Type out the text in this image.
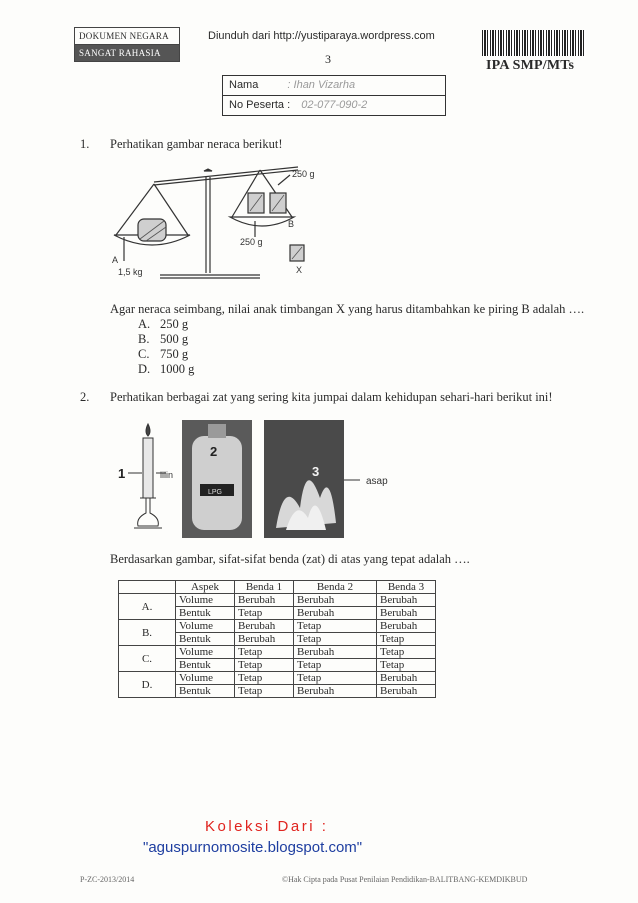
DOKUMEN NEGARA
SANGAT RAHASIA
Diunduh dari http://yustiparaya.wordpress.com
3	IPA SMP/MTs
Nama	: Ihan Vizarha
No Peserta : 02-077-090-2
1. Perhatikan gambar neraca berikut!
250 g
B
250 g
A
1,5 kg	X
Agar neraca seimbang, nilai anak timbangan X yang harus ditambahkan ke piring B adalah ….
A. 250 g
B. 500 g
C. 750 g
D. 1000 g
2. Perhatikan berbagai zat yang sering kita jumpai dalam kehidupan sehari-hari berikut ini!
1	lilin
2
LPG
3
asap
Berdasarkan gambar, sifat-sifat benda (zat) di atas yang tepat adalah ….
	Aspek	Benda 1	Benda 2	Benda 3
A.	Volume	Berubah	Berubah	Berubah
	Bentuk	Tetap	Berubah	Berubah
B.	Volume	Berubah	Tetap	Berubah
	Bentuk	Berubah	Tetap	Tetap
C.	Volume	Tetap	Berubah	Tetap
	Bentuk	Tetap	Tetap	Tetap
D.	Volume	Tetap	Tetap	Berubah
	Bentuk	Tetap	Berubah	Berubah
Koleksi Dari :
"aguspurnomosite.blogspot.com"
P-ZC-2013/2014	©Hak Cipta pada Pusat Penilaian Pendidikan-BALITBANG-KEMDIKBUD
